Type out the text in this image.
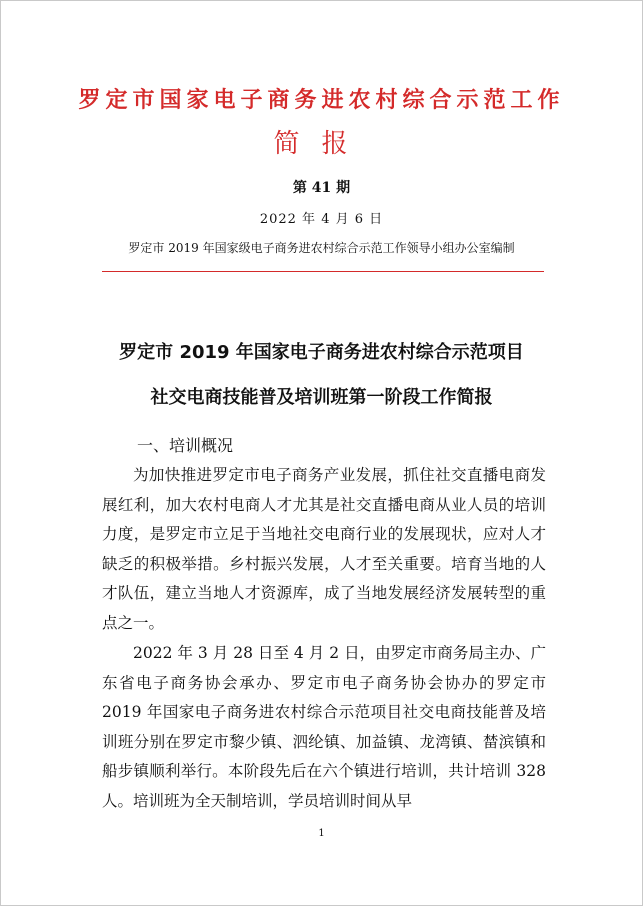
罗定市国家电子商务进农村综合示范工作
简报
第 41 期
2022 年 4 月 6 日
罗定市 2019 年国家级电子商务进农村综合示范工作领导小组办公室编制
罗定市 2019 年国家电子商务进农村综合示范项目
社交电商技能普及培训班第一阶段工作简报
一、培训概况

为加快推进罗定市电子商务产业发展，抓住社交直播电商发展红利，加大农村电商人才尤其是社交直播电商从业人员的培训力度，是罗定市立足于当地社交电商行业的发展现状，应对人才缺乏的积极举措。乡村振兴发展，人才至关重要。培育当地的人才队伍，建立当地人才资源库，成了当地发展经济发展转型的重点之一。

2022 年 3 月 28 日至 4 月 2 日，由罗定市商务局主办、广东省电子商务协会承办、罗定市电子商务协会协办的罗定市 2019 年国家电子商务进农村综合示范项目社交电商技能普及培训班分别在罗定市黎少镇、泗纶镇、加益镇、龙湾镇、榃滨镇和船步镇顺利举行。本阶段先后在六个镇进行培训，共计培训 328 人。培训班为全天制培训，学员培训时间从早

1
